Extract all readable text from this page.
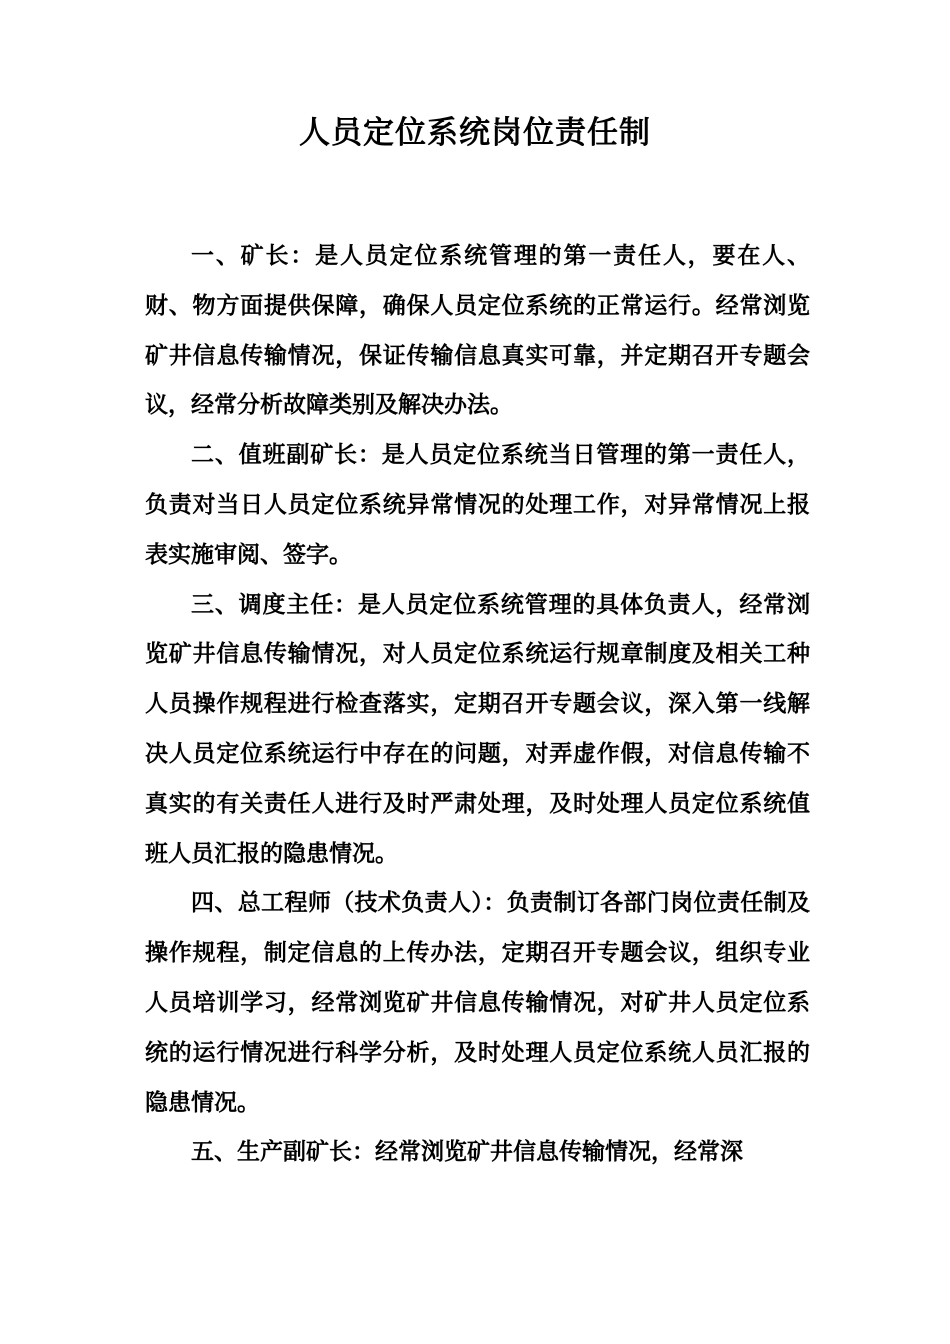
人员定位系统岗位责任制

一、矿长：是人员定位系统管理的第一责任人，要在人、财、物方面提供保障，确保人员定位系统的正常运行。经常浏览矿井信息传输情况，保证传输信息真实可靠，并定期召开专题会议，经常分析故障类别及解决办法。

二、值班副矿长：是人员定位系统当日管理的第一责任人，负责对当日人员定位系统异常情况的处理工作，对异常情况上报表实施审阅、签字。

三、调度主任：是人员定位系统管理的具体负责人，经常浏览矿井信息传输情况，对人员定位系统运行规章制度及相关工种人员操作规程进行检查落实，定期召开专题会议，深入第一线解决人员定位系统运行中存在的问题，对弄虚作假，对信息传输不真实的有关责任人进行及时严肃处理，及时处理人员定位系统值班人员汇报的隐患情况。

四、总工程师（技术负责人）：负责制订各部门岗位责任制及操作规程，制定信息的上传办法，定期召开专题会议，组织专业人员培训学习，经常浏览矿井信息传输情况，对矿井人员定位系统的运行情况进行科学分析，及时处理人员定位系统人员汇报的隐患情况。

五、生产副矿长：经常浏览矿井信息传输情况，经常深
